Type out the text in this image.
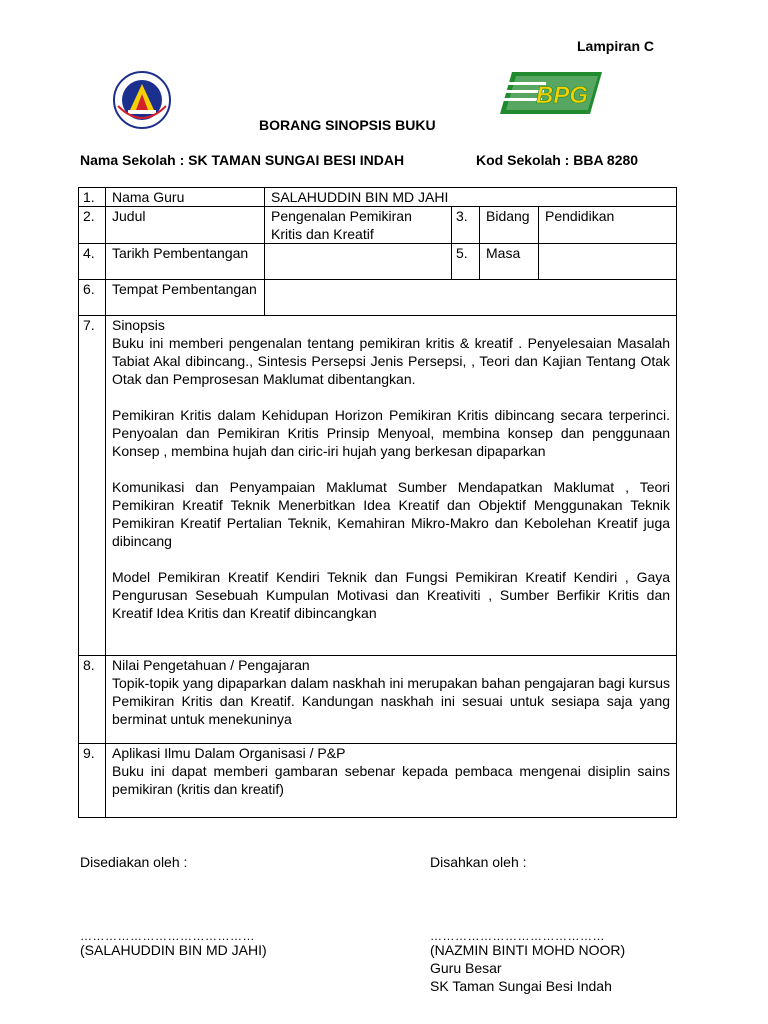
Lampiran C
BPG
BORANG SINOPSIS BUKU
Nama Sekolah : SK TAMAN SUNGAI BESI INDAH	Kod Sekolah : BBA 8280
1.	Nama Guru	SALAHUDDIN BIN MD JAHI			
2.	Judul	Pengenalan Pemikiran Kritis dan Kreatif	3.	Bidang	Pendidikan
4.	Tarikh Pembentangan		5.	Masa	
6.	Tempat Pembentangan				
7.	Sinopsis

Buku ini memberi pengenalan tentang pemikiran kritis & kreatif . Penyelesaian Masalah Tabiat Akal dibincang., Sintesis Persepsi Jenis Persepsi, , Teori dan Kajian Tentang Otak Otak dan Pemprosesan Maklumat dibentangkan.

Pemikiran Kritis dalam Kehidupan Horizon Pemikiran Kritis dibincang secara terperinci. Penyoalan dan Pemikiran Kritis Prinsip Menyoal, membina konsep dan penggunaan Konsep , membina hujah dan ciric-iri hujah yang berkesan dipaparkan

Komunikasi dan Penyampaian Maklumat Sumber Mendapatkan Maklumat , Teori Pemikiran Kreatif Teknik Menerbitkan Idea Kreatif dan Objektif Menggunakan Teknik Pemikiran Kreatif Pertalian Teknik, Kemahiran Mikro-Makro dan Kebolehan Kreatif juga dibincang

Model Pemikiran Kreatif Kendiri Teknik dan Fungsi Pemikiran Kreatif Kendiri , Gaya Pengurusan Sesebuah Kumpulan Motivasi dan Kreativiti , Sumber Berfikir Kritis dan Kreatif Idea Kritis dan Kreatif dibincangkan				

8.	Nilai Pengetahuan / Pengajaran

Topik-topik yang dipaparkan dalam naskhah ini merupakan bahan pengajaran bagi kursus Pemikiran Kritis dan Kreatif. Kandungan naskhah ini sesuai untuk sesiapa saja yang berminat untuk menekuninya				

9.	Aplikasi Ilmu Dalam Organisasi / P&P

Buku ini dapat memberi gambaran sebenar kepada pembaca mengenai disiplin sains pemikiran (kritis dan kreatif)				

Disediakan oleh :
……………………………………
(SALAHUDDIN BIN MD JAHI)
Disahkan oleh :
……………………………………
(NAZMIN BINTI MOHD NOOR)
Guru Besar
SK Taman Sungai Besi Indah
